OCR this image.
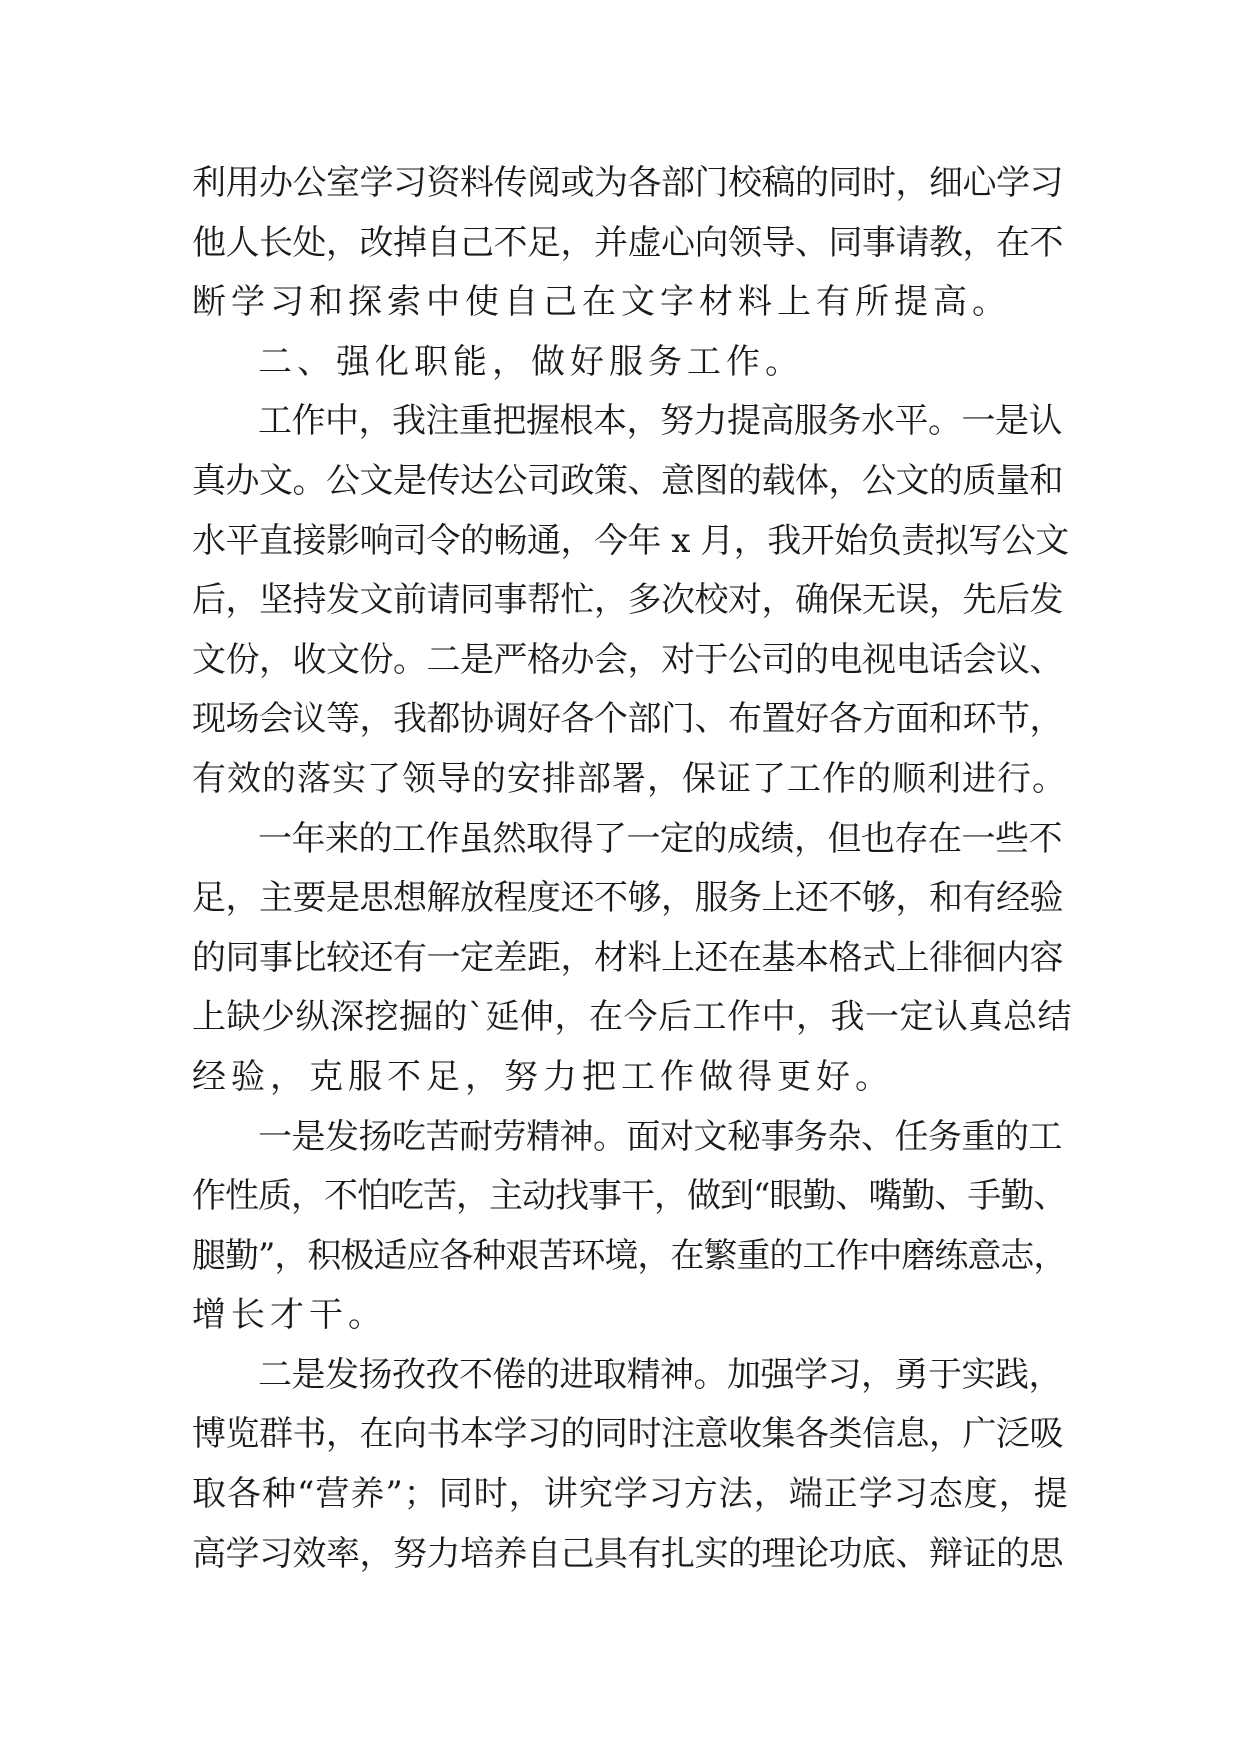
利用办公室学习资料传阅或为各部门校稿的同时，细心学习
他人长处，改掉自己不足，并虚心向领导、同事请教，在不
断学习和探索中使自己在文字材料上有所提高。
二、强化职能，做好服务工作。
工作中，我注重把握根本，努力提高服务水平。一是认
真办文。公文是传达公司政策、意图的载体，公文的质量和
水平直接影响司令的畅通，今年 x 月，我开始负责拟写公文
后，坚持发文前请同事帮忙，多次校对，确保无误，先后发
文份，收文份。二是严格办会，对于公司的电视电话会议、
现场会议等，我都协调好各个部门、布置好各方面和环节，
有效的落实了领导的安排部署，保证了工作的顺利进行。
一年来的工作虽然取得了一定的成绩，但也存在一些不
足，主要是思想解放程度还不够，服务上还不够，和有经验
的同事比较还有一定差距，材料上还在基本格式上徘徊内容
上缺少纵深挖掘的`延伸，在今后工作中，我一定认真总结
经验，克服不足，努力把工作做得更好。
一是发扬吃苦耐劳精神。面对文秘事务杂、任务重的工
作性质，不怕吃苦，主动找事干，做到“眼勤、嘴勤、手勤、
腿勤”，积极适应各种艰苦环境，在繁重的工作中磨练意志，
增长才干。
二是发扬孜孜不倦的进取精神。加强学习，勇于实践，
博览群书，在向书本学习的同时注意收集各类信息，广泛吸
取各种“营养”；同时，讲究学习方法，端正学习态度，提
高学习效率，努力培养自己具有扎实的理论功底、辩证的思
